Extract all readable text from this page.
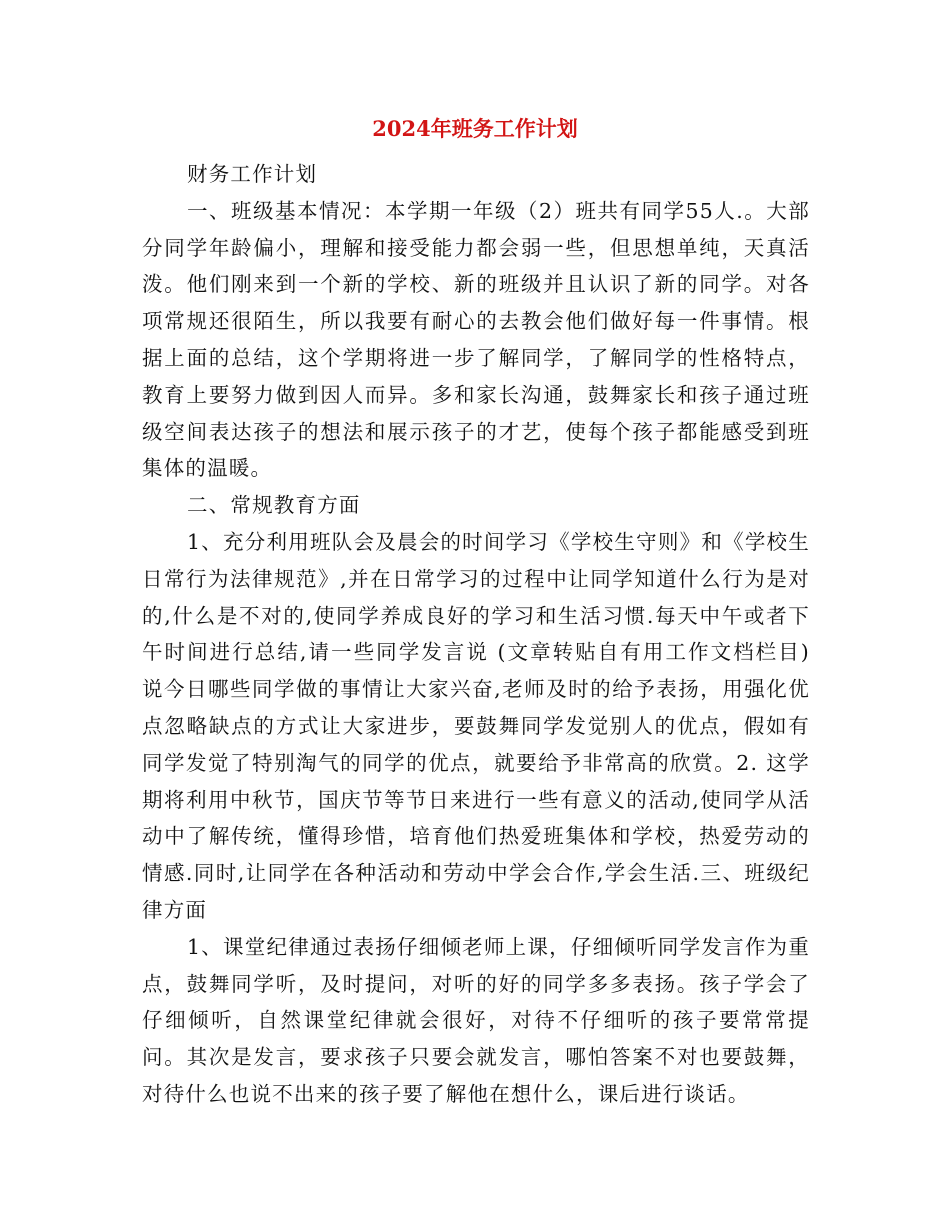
2024年班务工作计划

财务工作计划

一、班级基本情况：本学期一年级（2）班共有同学55人.。大部分同学年龄偏小，理解和接受能力都会弱一些，但思想单纯，天真活泼。他们刚来到一个新的学校、新的班级并且认识了新的同学。对各项常规还很陌生，所以我要有耐心的去教会他们做好每一件事情。根据上面的总结，这个学期将进一步了解同学，了解同学的性格特点，教育上要努力做到因人而异。多和家长沟通，鼓舞家长和孩子通过班级空间表达孩子的想法和展示孩子的才艺，使每个孩子都能感受到班集体的温暖。

二、常规教育方面

1、充分利用班队会及晨会的时间学习《学校生守则》和《学校生日常行为法律规范》,并在日常学习的过程中让同学知道什么行为是对的,什么是不对的,使同学养成良好的学习和生活习惯.每天中午或者下午时间进行总结,请一些同学发言说 (文章转贴自有用工作文档栏目) 说今日哪些同学做的事情让大家兴奋,老师及时的给予表扬，用强化优点忽略缺点的方式让大家进步，要鼓舞同学发觉别人的优点，假如有同学发觉了特别淘气的同学的优点，就要给予非常高的欣赏。2. 这学期将利用中秋节，国庆节等节日来进行一些有意义的活动,使同学从活动中了解传统，懂得珍惜，培育他们热爱班集体和学校，热爱劳动的情感.同时,让同学在各种活动和劳动中学会合作,学会生活.三、班级纪律方面

1、课堂纪律通过表扬仔细倾老师上课，仔细倾听同学发言作为重点，鼓舞同学听，及时提问，对听的好的同学多多表扬。孩子学会了仔细倾听，自然课堂纪律就会很好，对待不仔细听的孩子要常常提问。其次是发言，要求孩子只要会就发言，哪怕答案不对也要鼓舞，对待什么也说不出来的孩子要了解他在想什么，课后进行谈话。
